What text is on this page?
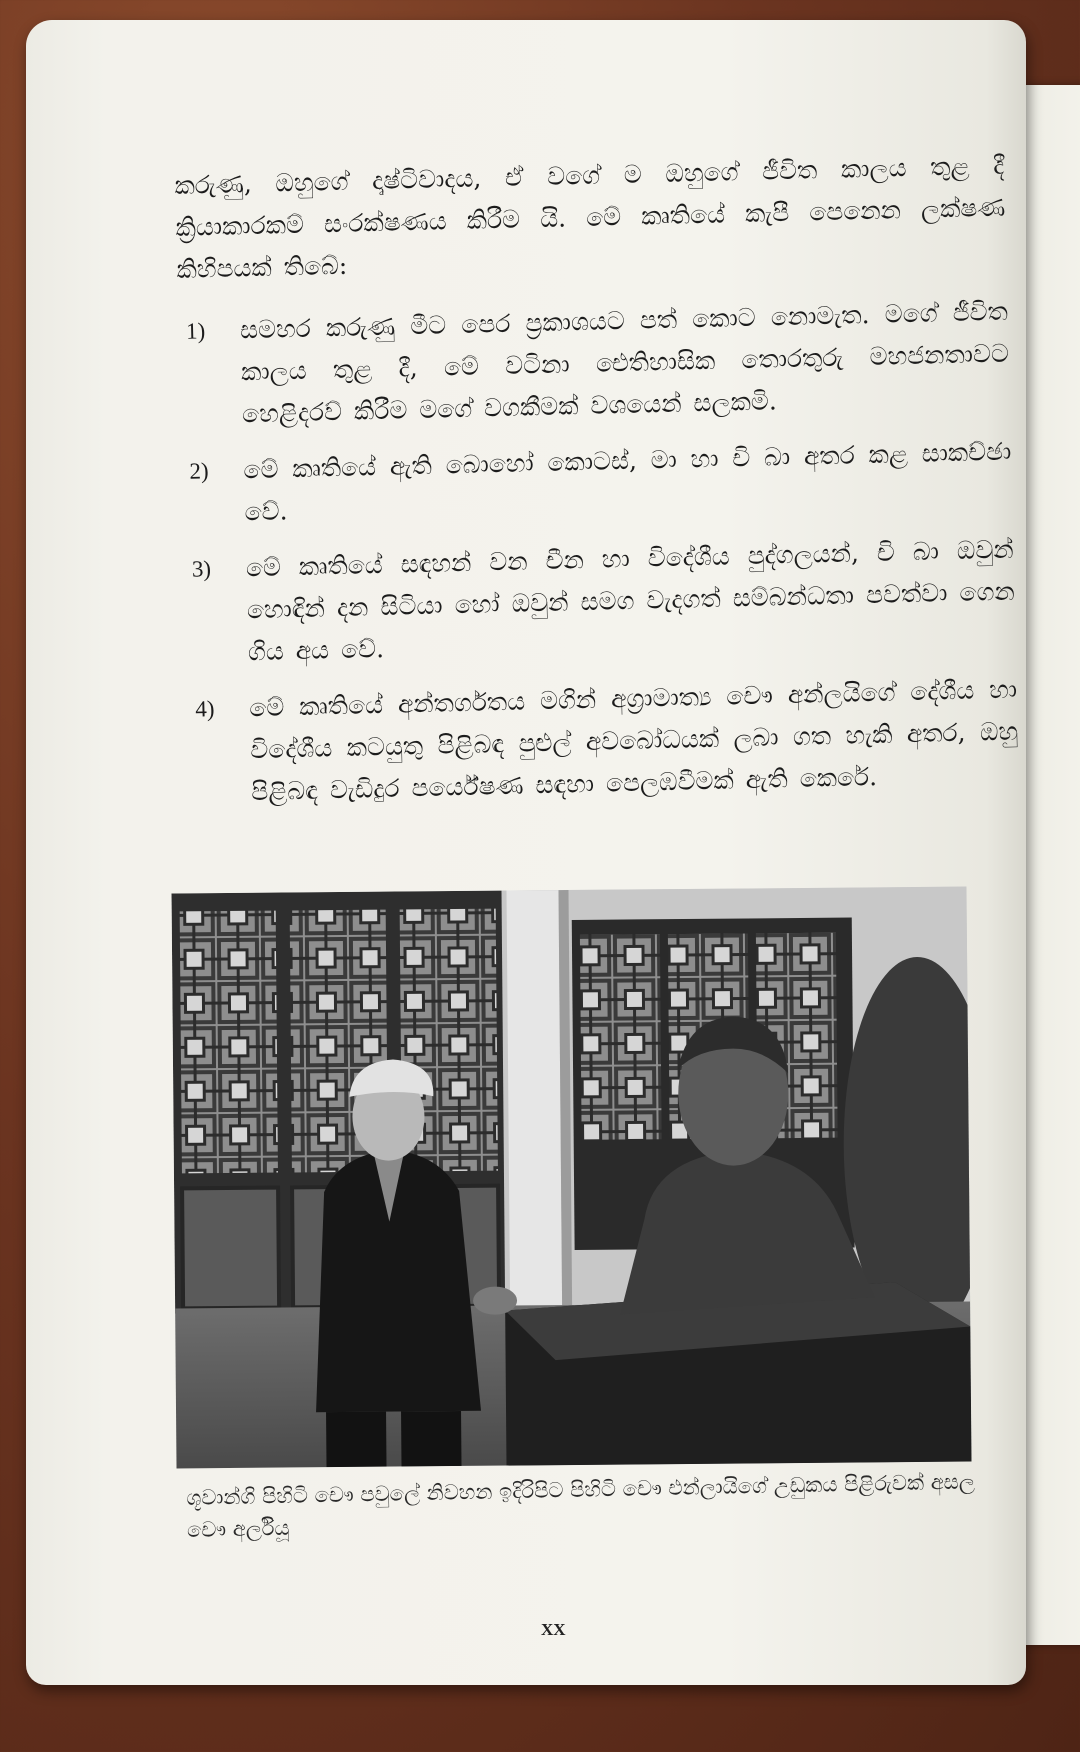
කරුණු, ඔහුගේ දෘෂ්ටිවාදය, ඒ වගේ ම ඔහුගේ ජීවිත කාලය තුළ දී ක්‍රියාකාරකම් සංරක්ෂණය කිරීම යි. මේ කෘතියේ කැපී පෙනෙන ලක්ෂණ කිහිපයක් තිබේ:

1)	සමහර කරුණු මීට පෙර ප්‍රකාශයට පත් කොට නොමැත. මගේ ජීවිත කාලය තුළ දී, මේ වටිනා ඓතිහාසික තොරතුරු මහජනතාවට හෙළිදරව් කිරීම මගේ වගකීමක් වශයෙන් සලකමි.
2)	මේ කෘතියේ ඇති බොහෝ කොටස්, මා හා චි බා අතර කළ සාකච්ඡා වේ.
3)	මේ කෘතියේ සඳහන් වන චීන හා විදේශීය පුද්ගලයන්, චි බා ඔවුන් හොඳින් දන සිටියා හෝ ඔවුන් සමග වැදගත් සම්බන්ධතා පවත්වා ගෙන ගිය අය වේ.
4)	මේ කෘතියේ අන්තර්ගතය මගින් අග්‍රාමාත්‍ය චෞ අන්ලයිගේ දේශීය හා විදේශීය කටයුතු පිළිබඳ පුළුල් අවබෝධයක් ලබා ගත හැකි අතර, ඔහු පිළිබඳ වැඩිදුර පර්යේෂණ සඳහා පෙලඹවීමක් ඇති කෙරේ.
ශූවාන්ගි පිහිටි චෞ පවුලේ නිවහන ඉදිරිපිට පිහිටි චෞ එන්ලායිගේ උඩුකය පිළිරුවක් අසල චෞ අර්ලියූ
XX
